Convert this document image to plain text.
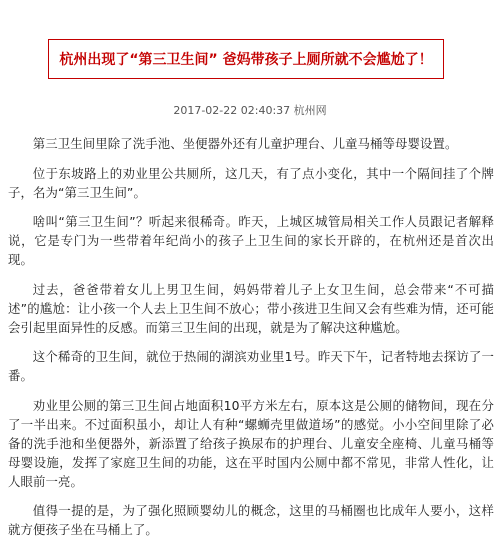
杭州出现了“第三卫生间” 爸妈带孩子上厕所就不会尴尬了！
2017-02-22 02:40:37 杭州网

第三卫生间里除了洗手池、坐便器外还有儿童护理台、儿童马桶等母婴设置。

位于东坡路上的劝业里公共厕所，这几天，有了点小变化，其中一个隔间挂了个牌子，名为“第三卫生间”。

啥叫“第三卫生间”？听起来很稀奇。昨天，上城区城管局相关工作人员跟记者解释说，它是专门为一些带着年纪尚小的孩子上卫生间的家长开辟的，在杭州还是首次出现。

过去，爸爸带着女儿上男卫生间，妈妈带着儿子上女卫生间，总会带来“不可描述”的尴尬：让小孩一个人去上卫生间不放心；带小孩进卫生间又会有些难为情，还可能会引起里面异性的反感。而第三卫生间的出现，就是为了解决这种尴尬。

这个稀奇的卫生间，就位于热闹的湖滨劝业里1号。昨天下午，记者特地去探访了一番。

劝业里公厕的第三卫生间占地面积10平方米左右，原本这是公厕的储物间，现在分了一半出来。不过面积虽小，却让人有种“螺蛳壳里做道场”的感觉。小小空间里除了必备的洗手池和坐便器外，新添置了给孩子换尿布的护理台、儿童安全座椅、儿童马桶等母婴设施，发挥了家庭卫生间的功能，这在平时国内公厕中都不常见，非常人性化，让人眼前一亮。

值得一提的是，为了强化照顾婴幼儿的概念，这里的马桶圈也比成年人要小，这样就方便孩子坐在马桶上了。
